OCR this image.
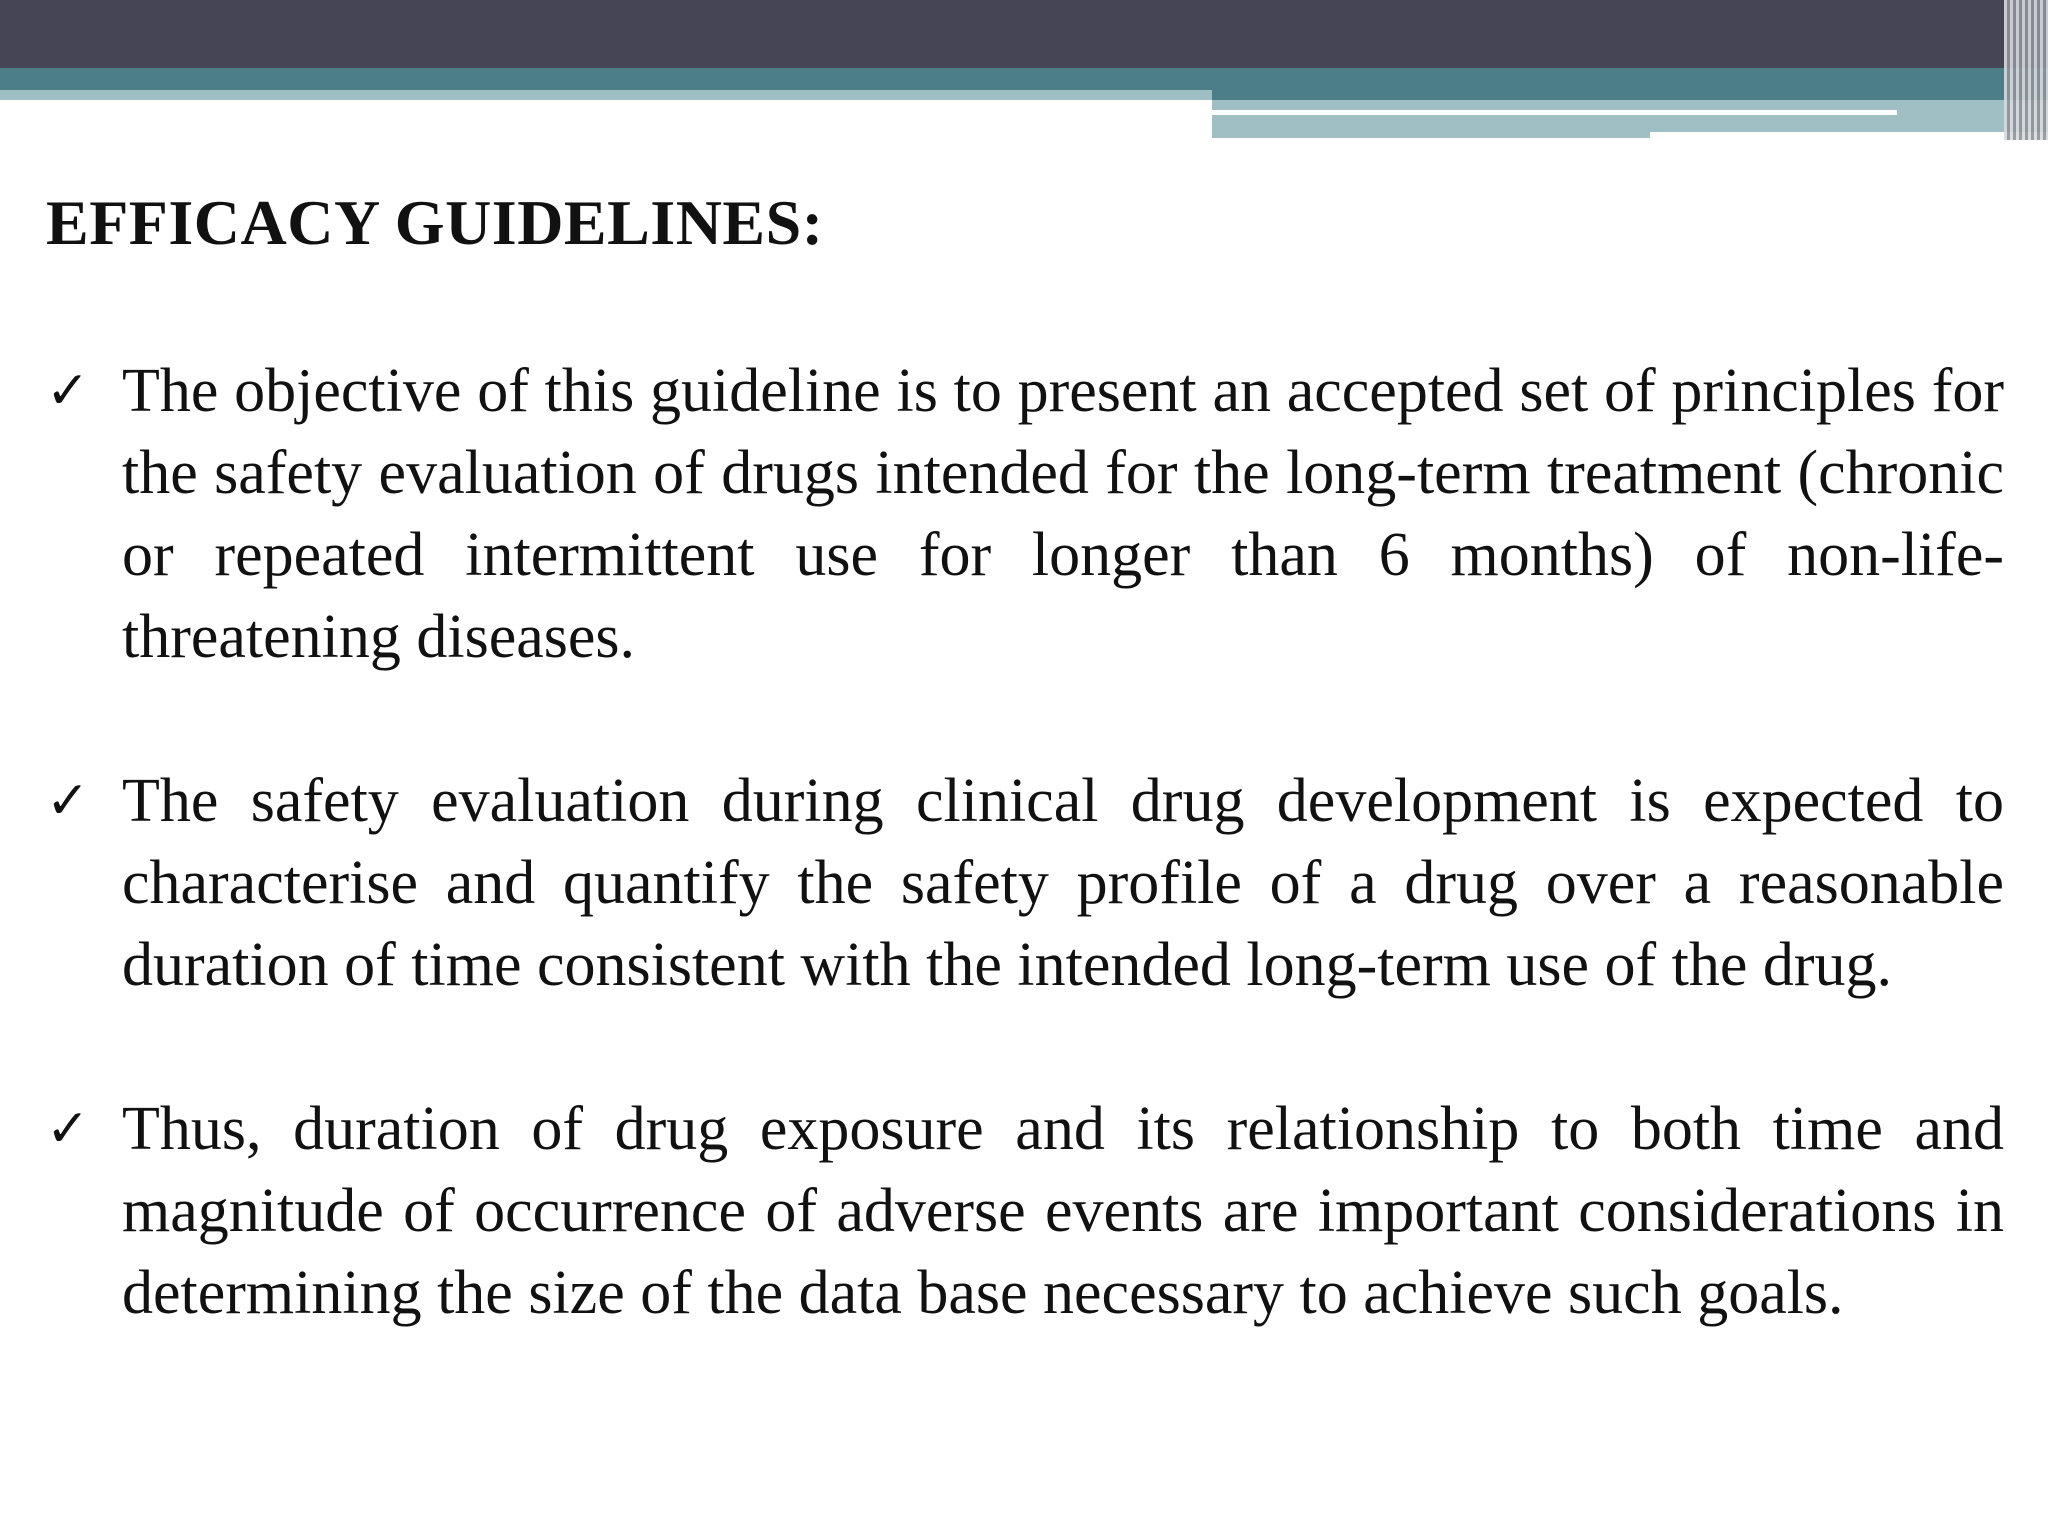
EFFICACY GUIDELINES:
✓ The objective of this guideline is to present an accepted set of principles for the safety evaluation of drugs intended for the long-term treatment (chronic or repeated intermittent use for longer than 6 months) of non-life-threatening diseases.
✓ The safety evaluation during clinical drug development is expected to characterise and quantify the safety profile of a drug over a reasonable duration of time consistent with the intended long-term use of the drug.
✓ Thus, duration of drug exposure and its relationship to both time and magnitude of occurrence of adverse events are important considerations in determining the size of the data base necessary to achieve such goals.
